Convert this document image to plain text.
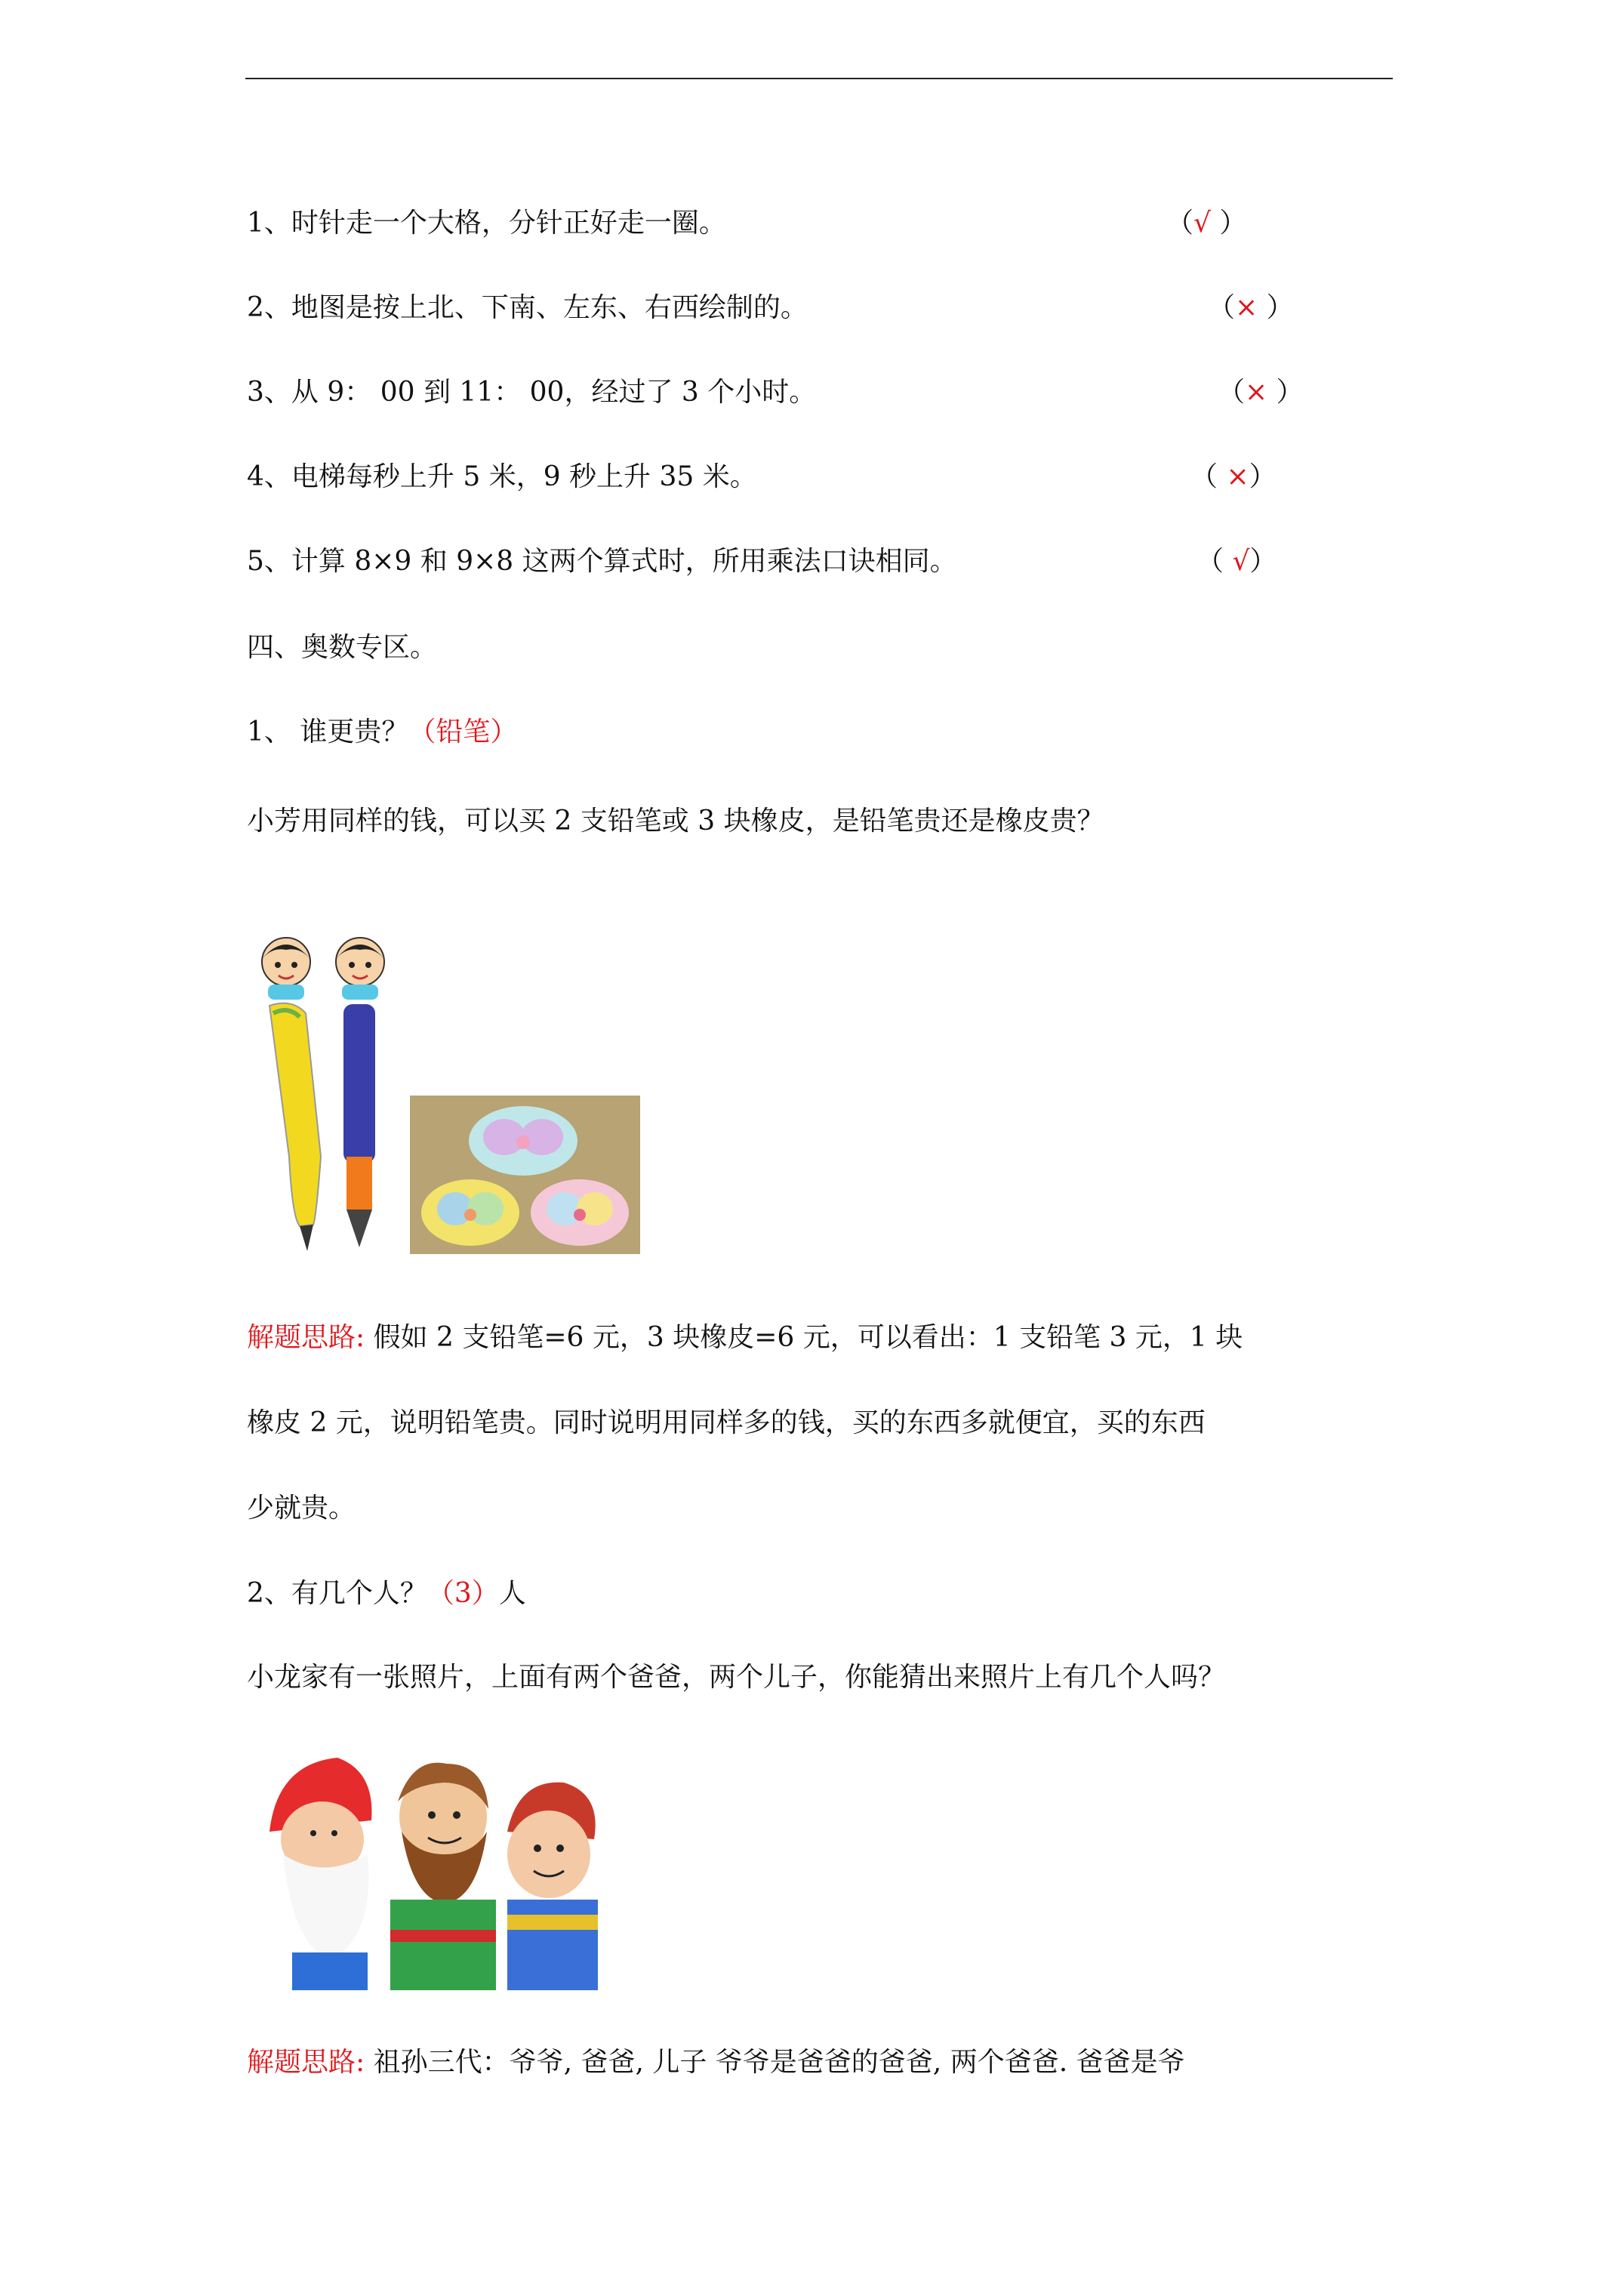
1、时针走一个大格，分针正好走一圈。	（√ ）
2、地图是按上北、下南、左东、右西绘制的。	（× ）
3、从 9： 00 到 11： 00，经过了 3 个小时。	（× ）
4、电梯每秒上升 5 米，9 秒上升 35 米。	（ ×）
5、计算 8×9 和 9×8 这两个算式时，所用乘法口诀相同。	（ √）
四、奥数专区。
1、 谁更贵？（铅笔）
小芳用同样的钱，可以买 2 支铅笔或 3 块橡皮，是铅笔贵还是橡皮贵？
解题思路: 假如 2 支铅笔=6 元，3 块橡皮=6 元，可以看出：1 支铅笔 3 元，1 块
橡皮 2 元，说明铅笔贵。同时说明用同样多的钱，买的东西多就便宜，买的东西
少就贵。
2、有几个人？（3）人
小龙家有一张照片，上面有两个爸爸，两个儿子，你能猜出来照片上有几个人吗？
解题思路: 祖孙三代：爷爷, 爸爸, 儿子 爷爷是爸爸的爸爸, 两个爸爸. 爸爸是爷
